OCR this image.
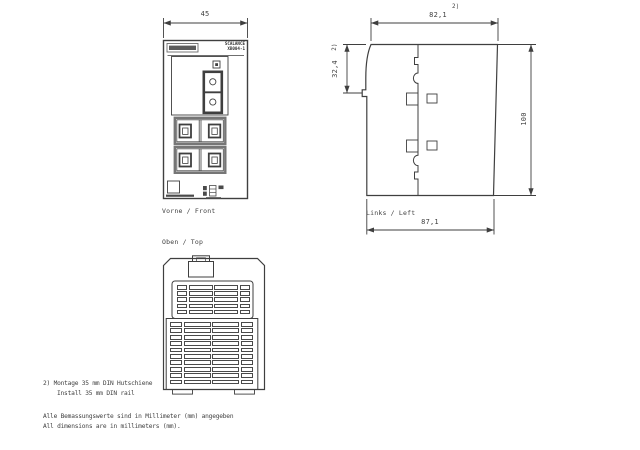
45
SCALANCE
XB004-1
Vorne / Front
82,1
2)
32,4
2)
100
87,1
Links / Left
Oben / Top
2) Montage 35 mm DIN Hutschiene
Install 35 mm DIN rail
Alle Bemassungswerte sind in Millimeter (mm) angegeben
All dimensions are in millimeters (mm).
